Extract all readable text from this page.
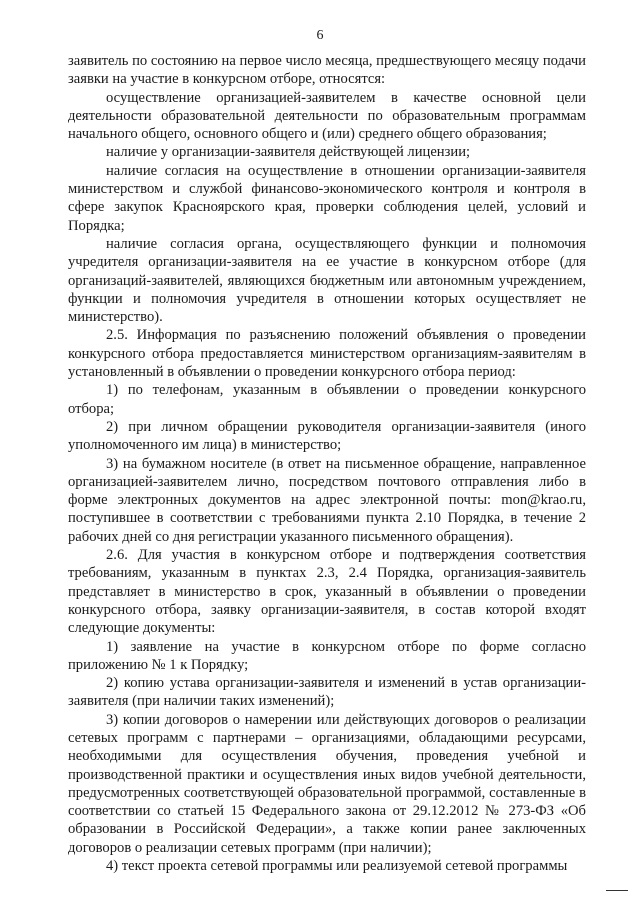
6

заявитель по состоянию на первое число месяца, предшествующего месяцу подачи заявки на участие в конкурсном отборе, относятся:

осуществление организацией-заявителем в качестве основной цели деятельности образовательной деятельности по образовательным программам начального общего, основного общего и (или) среднего общего образования;

наличие у организации-заявителя действующей лицензии;

наличие согласия на осуществление в отношении организации-заявителя министерством и службой финансово-экономического контроля и контроля в сфере закупок Красноярского края, проверки соблюдения целей, условий и Порядка;

наличие согласия органа, осуществляющего функции и полномочия учредителя организации-заявителя на ее участие в конкурсном отборе (для организаций-заявителей, являющихся бюджетным или автономным учреждением, функции и полномочия учредителя в отношении которых осуществляет не министерство).

2.5. Информация по разъяснению положений объявления о проведении конкурсного отбора предоставляется министерством организациям-заявителям в установленный в объявлении о проведении конкурсного отбора период:

1) по телефонам, указанным в объявлении о проведении конкурсного отбора;

2) при личном обращении руководителя организации-заявителя (иного уполномоченного им лица) в министерство;

3) на бумажном носителе (в ответ на письменное обращение, направленное организацией-заявителем лично, посредством почтового отправления либо в форме электронных документов на адрес электронной почты: mon@krao.ru, поступившее в соответствии с требованиями пункта 2.10 Порядка, в течение 2 рабочих дней со дня регистрации указанного письменного обращения).

2.6. Для участия в конкурсном отборе и подтверждения соответствия требованиям, указанным в пунктах 2.3, 2.4 Порядка, организация-заявитель представляет в министерство в срок, указанный в объявлении о проведении конкурсного отбора, заявку организации-заявителя, в состав которой входят следующие документы:

1) заявление на участие в конкурсном отборе по форме согласно приложению № 1 к Порядку;

2) копию устава организации-заявителя и изменений в устав организации-заявителя (при наличии таких изменений);

3) копии договоров о намерении или действующих договоров о реализации сетевых программ с партнерами – организациями, обладающими ресурсами, необходимыми для осуществления обучения, проведения учебной и производственной практики и осуществления иных видов учебной деятельности, предусмотренных соответствующей образовательной программой, составленные в соответствии со статьей 15 Федерального закона от 29.12.2012 № 273-ФЗ «Об образовании в Российской Федерации», а также копии ранее заключенных договоров о реализации сетевых программ (при наличии);

4) текст проекта сетевой программы или реализуемой сетевой программы
